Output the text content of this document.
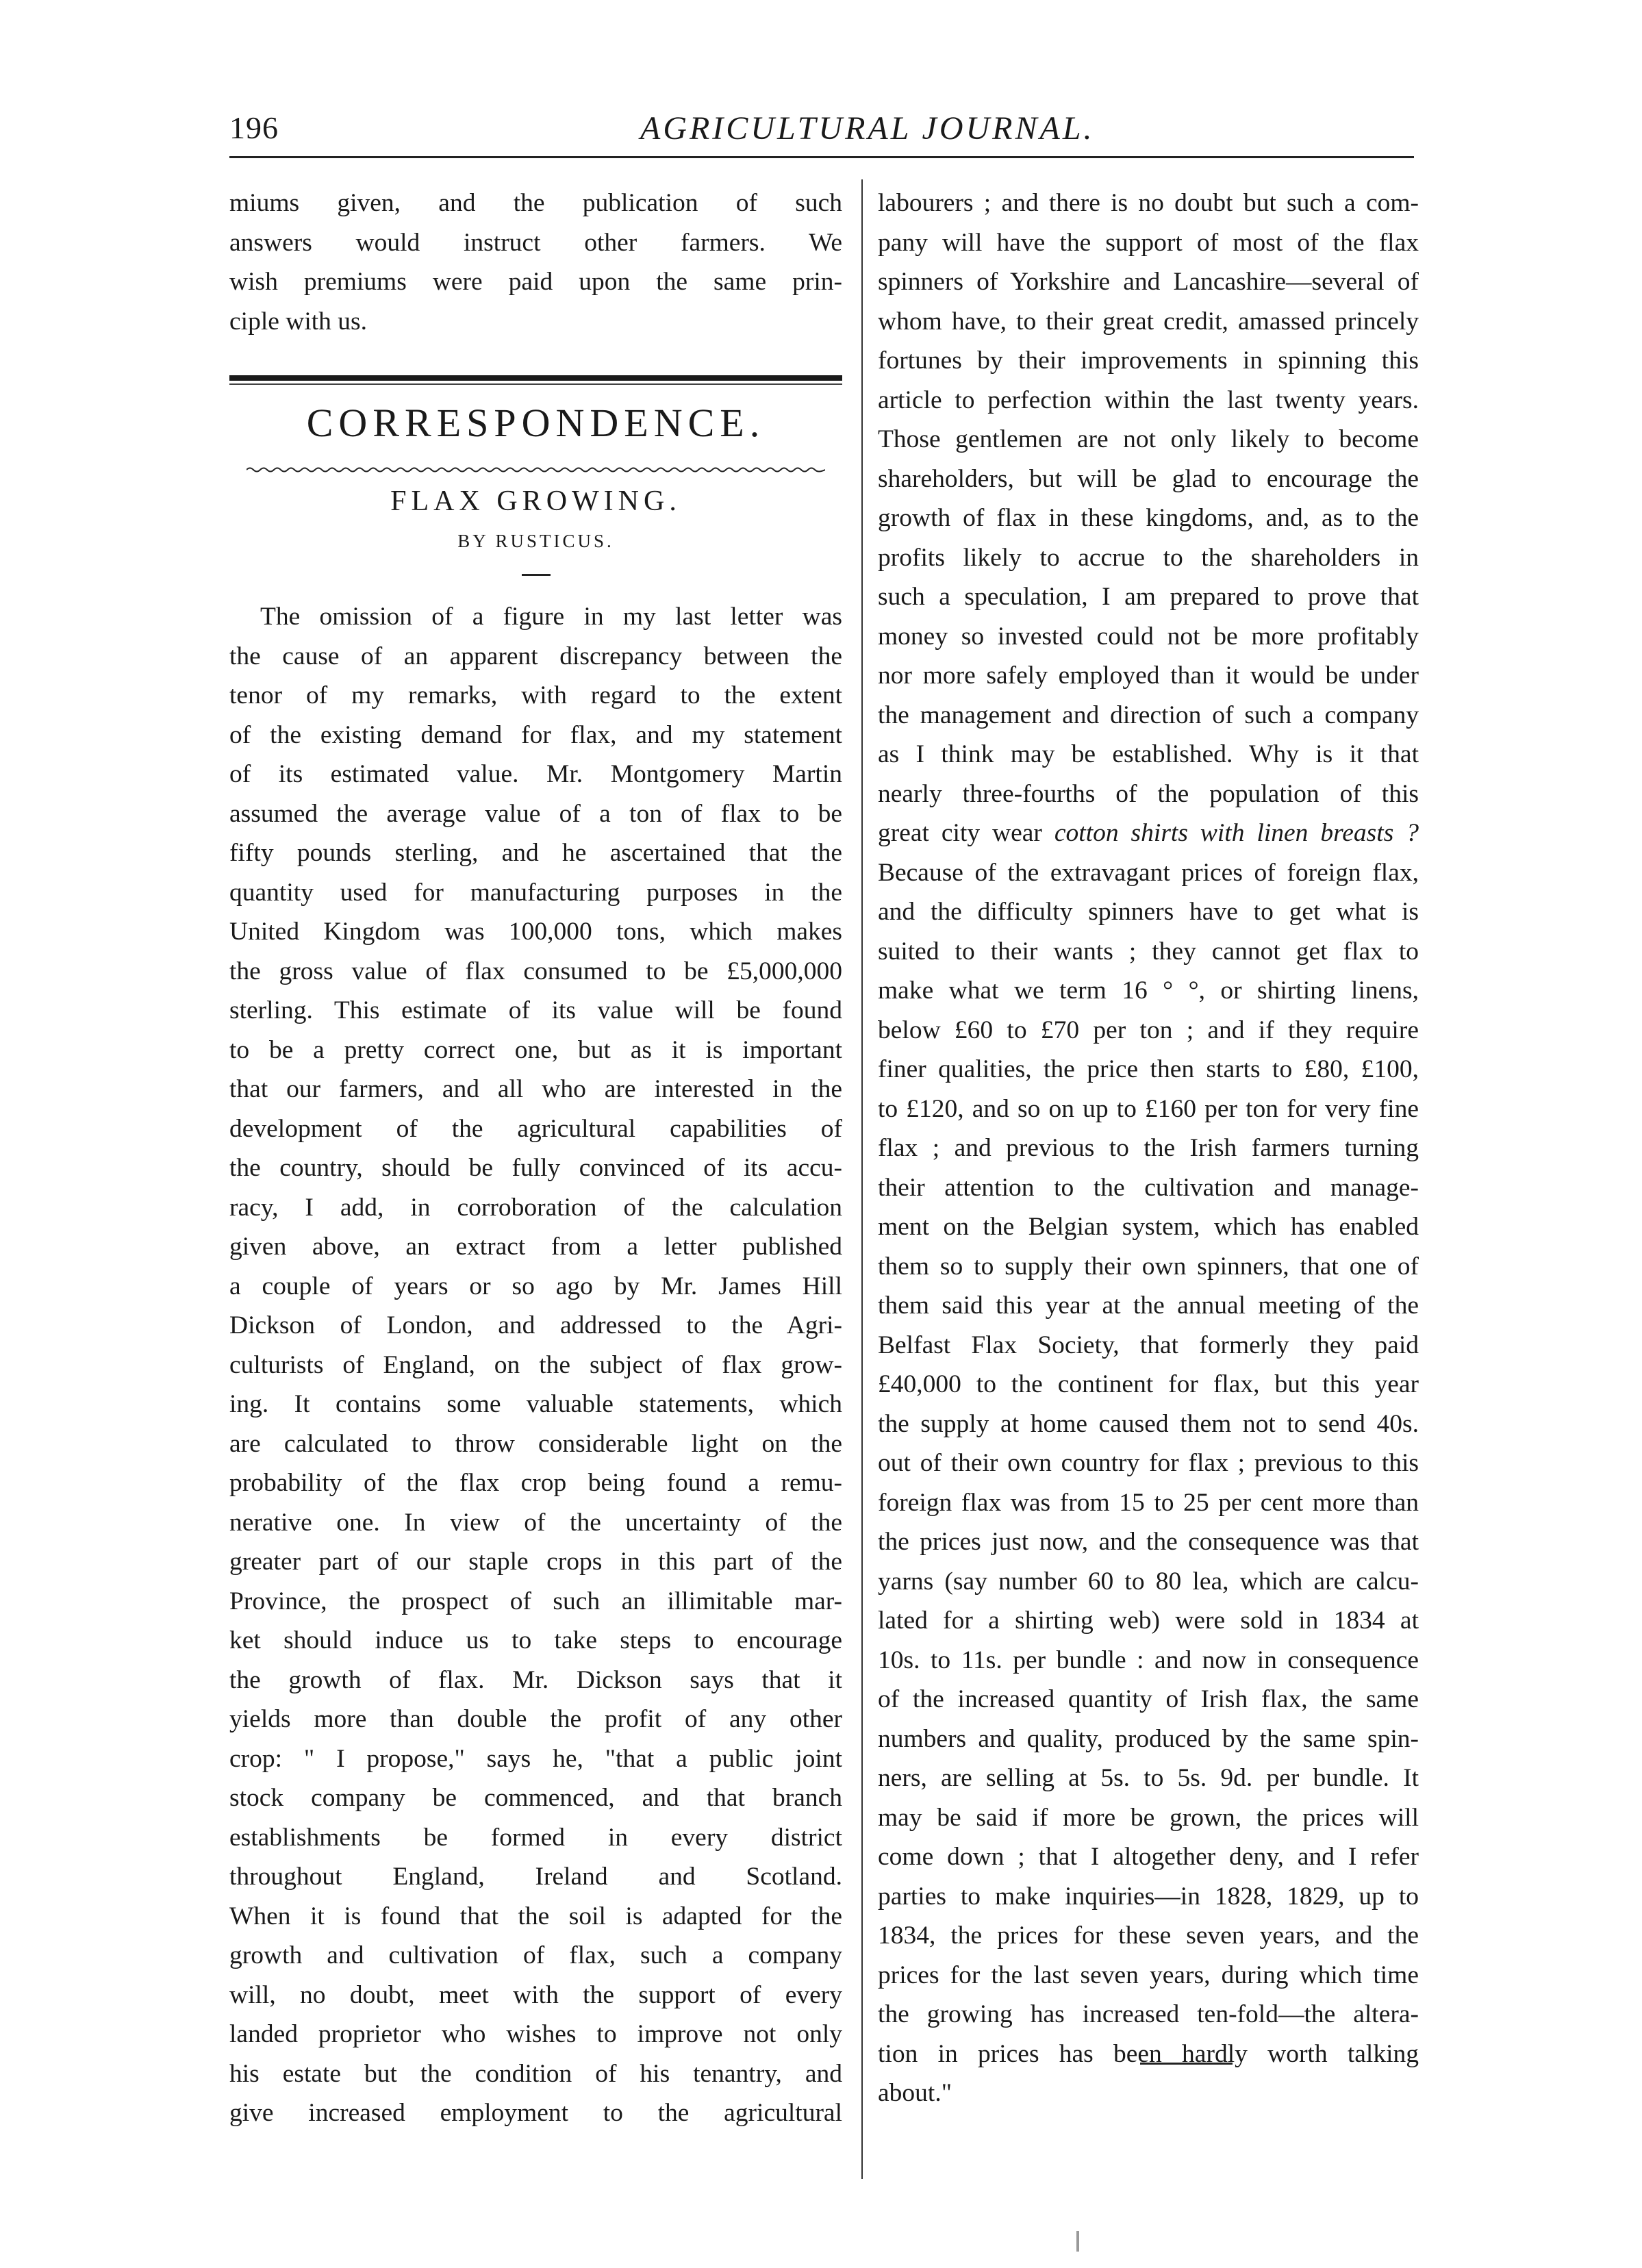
196	AGRICULTURAL JOURNAL.
miums given, and the publication of such
answers would instruct other farmers. We
wish premiums were paid upon the same prin-
ciple with us.
CORRESPONDENCE.
FLAX GROWING.
BY RUSTICUS.
The omission of a figure in my last letter was
the cause of an apparent discrepancy between the
tenor of my remarks, with regard to the extent
of the existing demand for flax, and my statement
of its estimated value. Mr. Montgomery Martin
assumed the average value of a ton of flax to be
fifty pounds sterling, and he ascertained that the
quantity used for manufacturing purposes in the
United Kingdom was 100,000 tons, which makes
the gross value of flax consumed to be £5,000,000
sterling. This estimate of its value will be found
to be a pretty correct one, but as it is important
that our farmers, and all who are interested in the
development of the agricultural capabilities of
the country, should be fully convinced of its accu-
racy, I add, in corroboration of the calculation
given above, an extract from a letter published
a couple of years or so ago by Mr. James Hill
Dickson of London, and addressed to the Agri-
culturists of England, on the subject of flax grow-
ing. It contains some valuable statements, which
are calculated to throw considerable light on the
probability of the flax crop being found a remu-
nerative one. In view of the uncertainty of the
greater part of our staple crops in this part of the
Province, the prospect of such an illimitable mar-
ket should induce us to take steps to encourage
the growth of flax. Mr. Dickson says that it
yields more than double the profit of any other
crop: " I propose," says he, "that a public joint
stock company be commenced, and that branch
establishments be formed in every district
throughout England, Ireland and Scotland.
When it is found that the soil is adapted for the
growth and cultivation of flax, such a company
will, no doubt, meet with the support of every
landed proprietor who wishes to improve not only
his estate but the condition of his tenantry, and
give increased employment to the agricultural
labourers ; and there is no doubt but such a com-
pany will have the support of most of the flax
spinners of Yorkshire and Lancashire—several of
whom have, to their great credit, amassed princely
fortunes by their improvements in spinning this
article to perfection within the last twenty years.
Those gentlemen are not only likely to become
shareholders, but will be glad to encourage the
growth of flax in these kingdoms, and, as to the
profits likely to accrue to the shareholders in
such a speculation, I am prepared to prove that
money so invested could not be more profitably
nor more safely employed than it would be under
the management and direction of such a company
as I think may be established. Why is it that
nearly three-fourths of the population of this
great city wear cotton shirts with linen breasts ?
Because of the extravagant prices of foreign flax,
and the difficulty spinners have to get what is
suited to their wants ; they cannot get flax to
make what we term 16 ° °, or shirting linens,
below £60 to £70 per ton ; and if they require
finer qualities, the price then starts to £80, £100,
to £120, and so on up to £160 per ton for very fine
flax ; and previous to the Irish farmers turning
their attention to the cultivation and manage-
ment on the Belgian system, which has enabled
them so to supply their own spinners, that one of
them said this year at the annual meeting of the
Belfast Flax Society, that formerly they paid
£40,000 to the continent for flax, but this year
the supply at home caused them not to send 40s.
out of their own country for flax ; previous to this
foreign flax was from 15 to 25 per cent more than
the prices just now, and the consequence was that
yarns (say number 60 to 80 lea, which are calcu-
lated for a shirting web) were sold in 1834 at
10s. to 11s. per bundle : and now in consequence
of the increased quantity of Irish flax, the same
numbers and quality, produced by the same spin-
ners, are selling at 5s. to 5s. 9d. per bundle. It
may be said if more be grown, the prices will
come down ; that I altogether deny, and I refer
parties to make inquiries—in 1828, 1829, up to
1834, the prices for these seven years, and the
prices for the last seven years, during which time
the growing has increased ten-fold—the altera-
tion in prices has been hardly worth talking
about."
